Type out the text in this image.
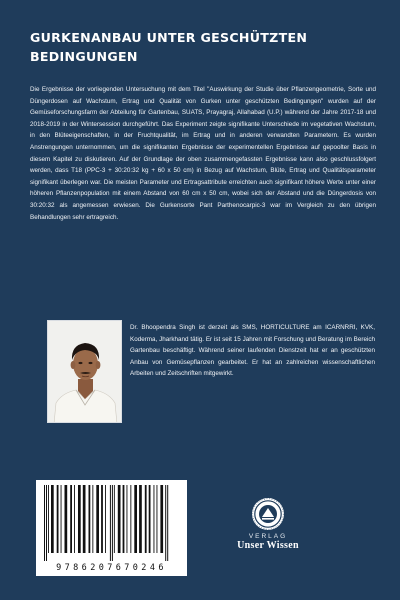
GURKENANBAU UNTER GESCHÜTZTEN BEDINGUNGEN

Die Ergebnisse der vorliegenden Untersuchung mit dem Titel "Auswirkung der Studie über Pflanzengeometrie, Sorte und Düngerdosen auf Wachstum, Ertrag und Qualität von Gurken unter geschützten Bedingungen" wurden auf der Gemüseforschungsfarm der Abteilung für Gartenbau, SUATS, Prayagraj, Allahabad (U.P.) während der Jahre 2017-18 und 2018-2019 in der Wintersession durchgeführt. Das Experiment zeigte signifikante Unterschiede im vegetativen Wachstum, in den Blüteeigenschaften, in der Fruchtqualität, im Ertrag und in anderen verwandten Parametern. Es wurden Anstrengungen unternommen, um die signifikanten Ergebnisse der experimentellen Ergebnisse auf gepoolter Basis in diesem Kapitel zu diskutieren. Auf der Grundlage der oben zusammengefassten Ergebnisse kann also geschlussfolgert werden, dass T18 (PPC-3 + 30:20:32 kg + 60 x 50 cm) in Bezug auf Wachstum, Blüte, Ertrag und Qualitätsparameter signifikant überlegen war. Die meisten Parameter und Ertragsattribute erreichten auch signifikant höhere Werte unter einer höheren Pflanzenpopulation mit einem Abstand von 60 cm x 50 cm, wobei sich der Abstand und die Düngerdosis von 30:20:32 als angemessen erwiesen. Die Gurkensorte Pant Parthenocarpic-3 war im Vergleich zu den übrigen Behandlungen sehr ertragreich.

Dr. Bhoopendra Singh ist derzeit als SMS, HORTICULTURE am ICARNRRI, KVK, Koderma, Jharkhand tätig. Er ist seit 15 Jahren mit Forschung und Beratung im Bereich Gartenbau beschäftigt. Während seiner laufenden Dienstzeit hat er an geschützten Anbau von Gemüsepflanzen gearbeitet. Er hat an zahlreichen wissenschaftlichen Arbeiten und Zeitschriften mitgewirkt.

9786207670246
VERLAG
Unser Wissen
